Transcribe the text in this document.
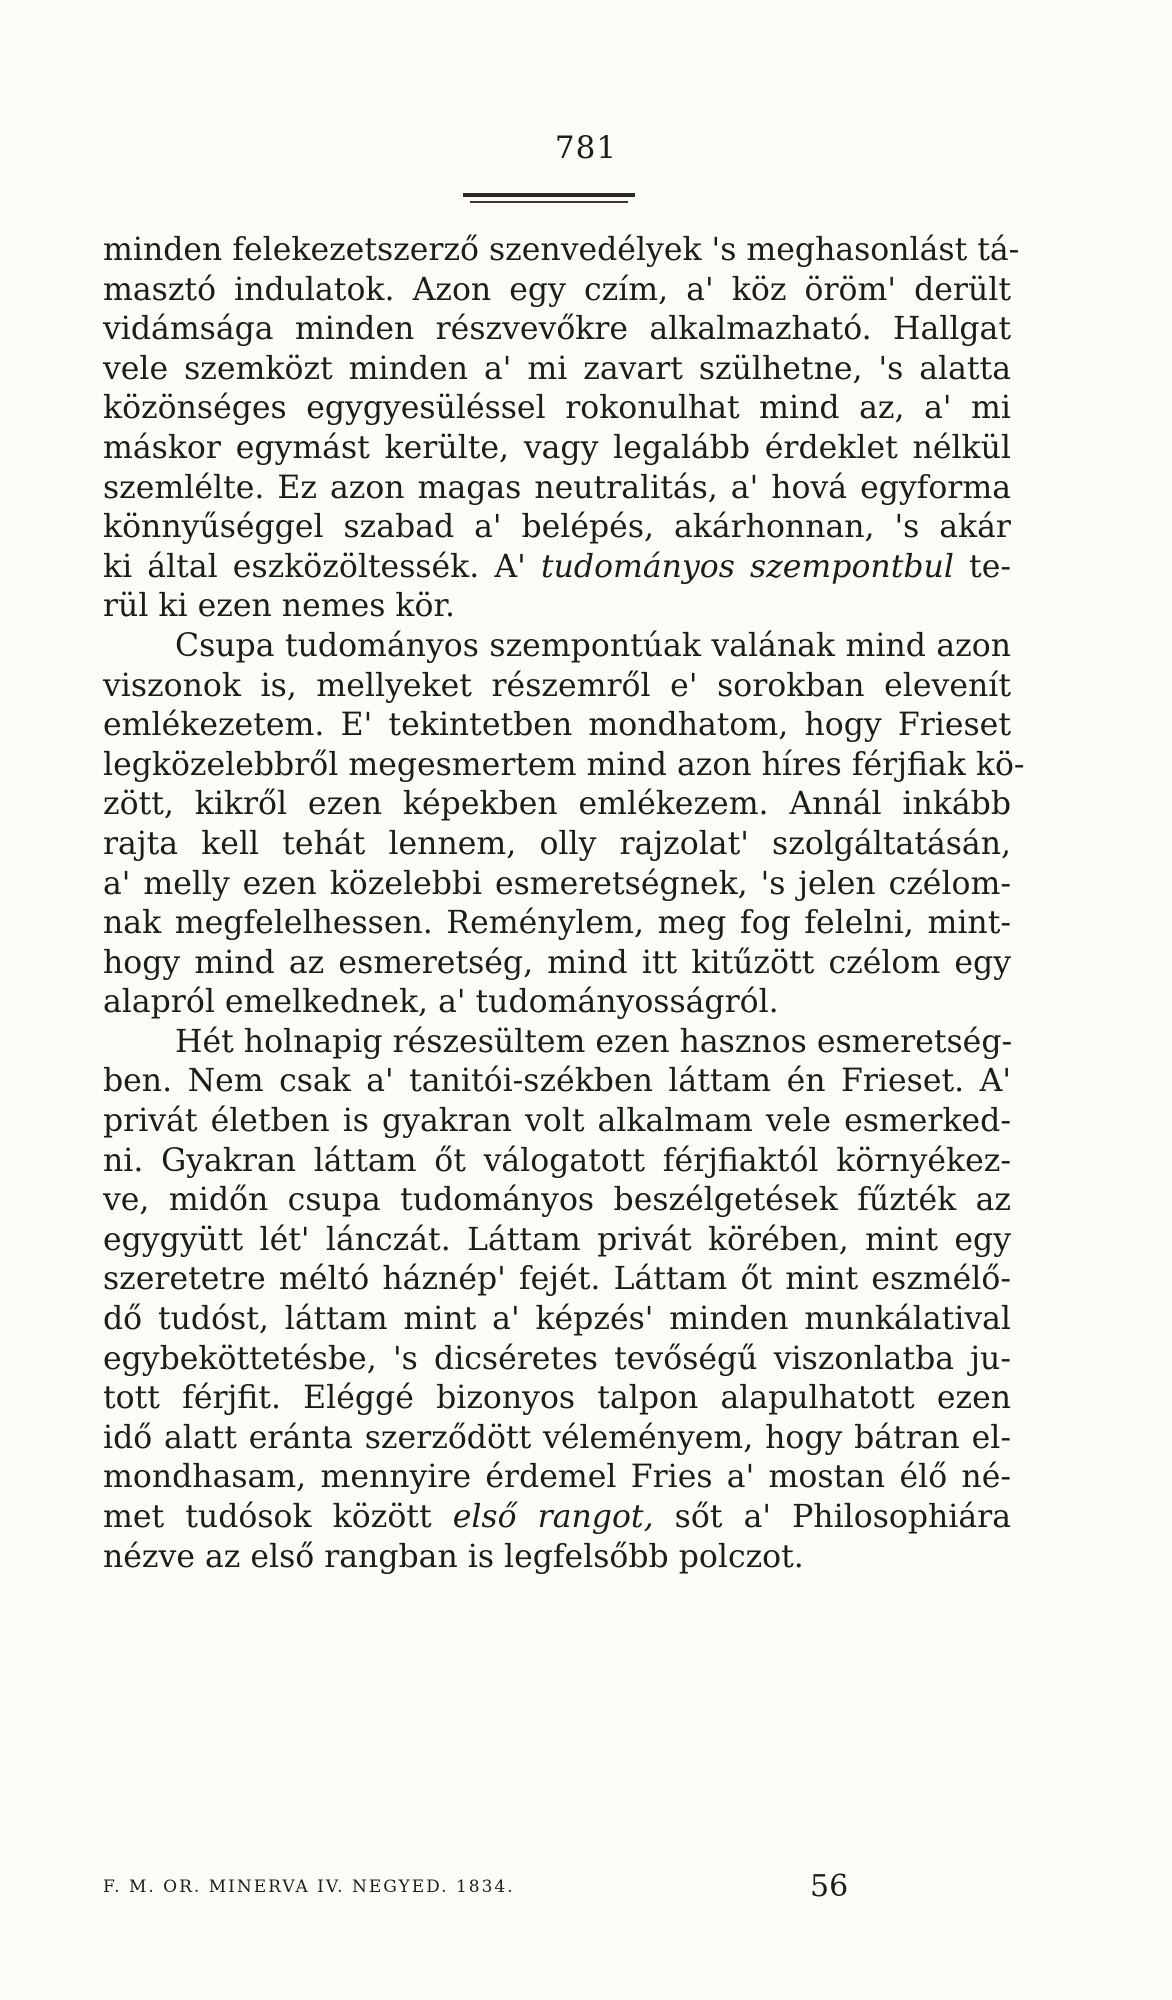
781

minden felekezetszerző szenvedélyek 's meghasonlást tá-
masztó indulatok. Azon egy czím, a' köz öröm' derült
vidámsága minden részvevőkre alkalmazható. Hallgat
vele szemközt minden a' mi zavart szülhetne, 's alatta
közönséges egygyesüléssel rokonulhat mind az, a' mi
máskor egymást kerülte, vagy legalább érdeklet nélkül
szemlélte. Ez azon magas neutralitás, a' hová egyforma
könnyűséggel szabad a' belépés, akárhonnan, 's akár
ki által eszközöltessék. A' tudományos szempontbul te-
rül ki ezen nemes kör.
Csupa tudományos szempontúak valának mind azon
viszonok is, mellyeket részemről e' sorokban elevenít
emlékezetem. E' tekintetben mondhatom, hogy Frieset
legközelebbről megesmertem mind azon híres férjfiak kö-
zött, kikről ezen képekben emlékezem. Annál inkább
rajta kell tehát lennem, olly rajzolat' szolgáltatásán,
a' melly ezen közelebbi esmeretségnek, 's jelen czélom-
nak megfelelhessen. Reménylem, meg fog felelni, mint-
hogy mind az esmeretség, mind itt kitűzött czélom egy
alapról emelkednek, a' tudományosságról.
Hét holnapig részesültem ezen hasznos esmeretség-
ben. Nem csak a' tanitói-székben láttam én Frieset. A'
privát életben is gyakran volt alkalmam vele esmerked-
ni. Gyakran láttam őt válogatott férjfiaktól környékez-
ve, midőn csupa tudományos beszélgetések fűzték az
egygyütt lét' lánczát. Láttam privát körében, mint egy
szeretetre méltó háznép' fejét. Láttam őt mint eszmélő-
dő tudóst, láttam mint a' képzés' minden munkálatival
egybeköttetésbe, 's dicséretes tevőségű viszonlatba ju-
tott férjfit. Eléggé bizonyos talpon alapulhatott ezen
idő alatt eránta szerződött véleményem, hogy bátran el-
mondhasam, mennyire érdemel Fries a' mostan élő né-
met tudósok között első rangot, sőt a' Philosophiára
nézve az első rangban is legfelsőbb polczot.

F. M. OR. MINERVA IV. NEGYED. 1834.	56
